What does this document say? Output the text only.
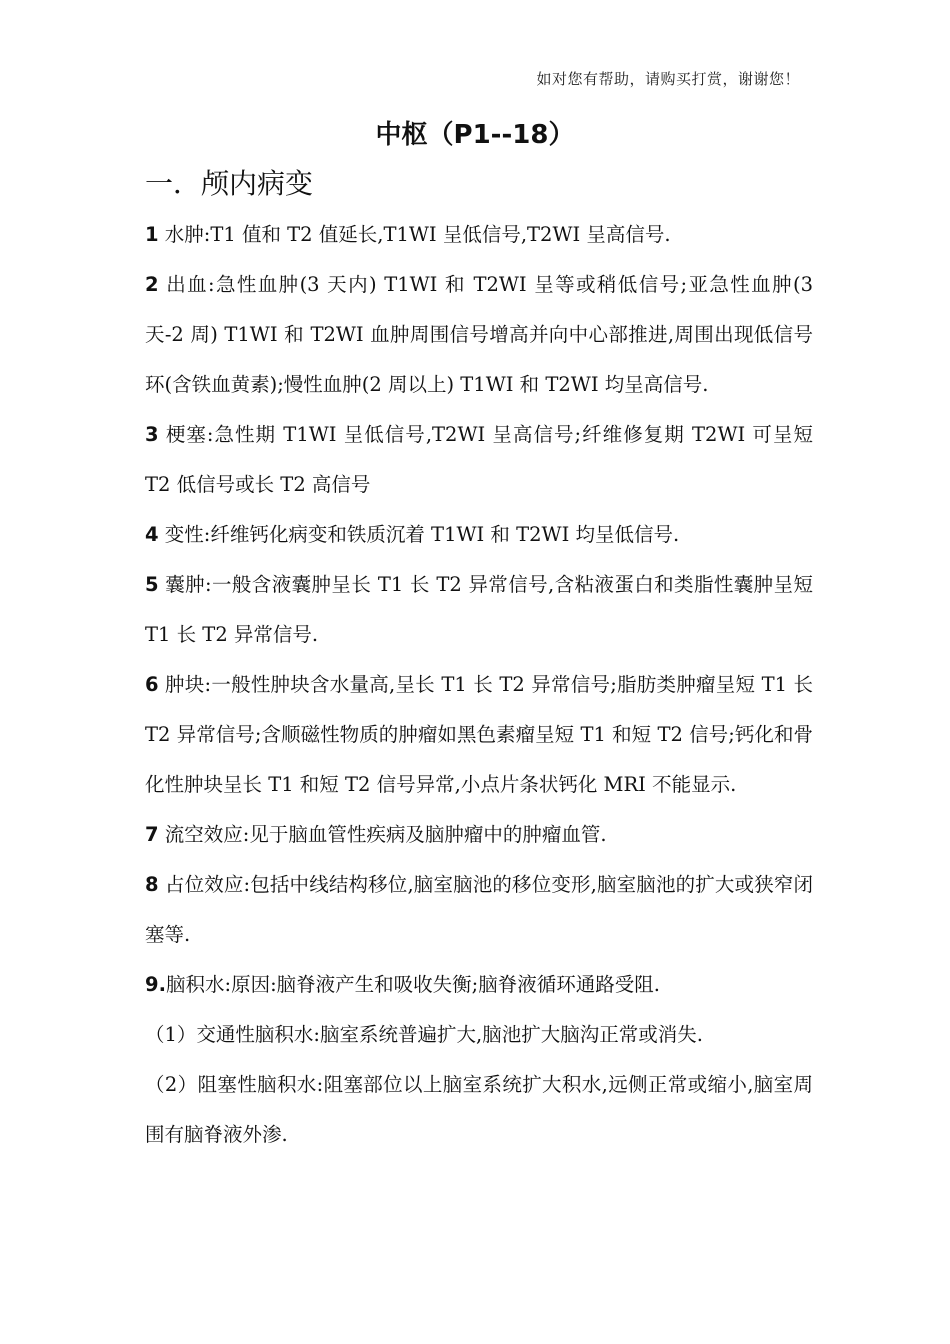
如对您有帮助，请购买打赏，谢谢您！
中枢（P1--18）
一．颅内病变

1 水肿:T1 值和 T2 值延长,T1WI 呈低信号,T2WI 呈高信号.

2 出血:急性血肿(3 天内) T1WI 和 T2WI 呈等或稍低信号;亚急性血肿(3 天-2 周) T1WI 和 T2WI 血肿周围信号增高并向中心部推进,周围出现低信号环(含铁血黄素);慢性血肿(2 周以上) T1WI 和 T2WI 均呈高信号.

3 梗塞:急性期 T1WI 呈低信号,T2WI 呈高信号;纤维修复期 T2WI 可呈短 T2 低信号或长 T2 高信号

4 变性:纤维钙化病变和铁质沉着 T1WI 和 T2WI 均呈低信号.

5 囊肿:一般含液囊肿呈长 T1 长 T2 异常信号,含粘液蛋白和类脂性囊肿呈短 T1 长 T2 异常信号.

6 肿块:一般性肿块含水量高,呈长 T1 长 T2 异常信号;脂肪类肿瘤呈短 T1 长 T2 异常信号;含顺磁性物质的肿瘤如黑色素瘤呈短 T1 和短 T2 信号;钙化和骨化性肿块呈长 T1 和短 T2 信号异常,小点片条状钙化 MRI 不能显示.

7 流空效应:见于脑血管性疾病及脑肿瘤中的肿瘤血管.

8 占位效应:包括中线结构移位,脑室脑池的移位变形,脑室脑池的扩大或狭窄闭塞等.

9.脑积水:原因:脑脊液产生和吸收失衡;脑脊液循环通路受阻.

（1）交通性脑积水:脑室系统普遍扩大,脑池扩大脑沟正常或消失.

（2）阻塞性脑积水:阻塞部位以上脑室系统扩大积水,远侧正常或缩小,脑室周围有脑脊液外渗.
